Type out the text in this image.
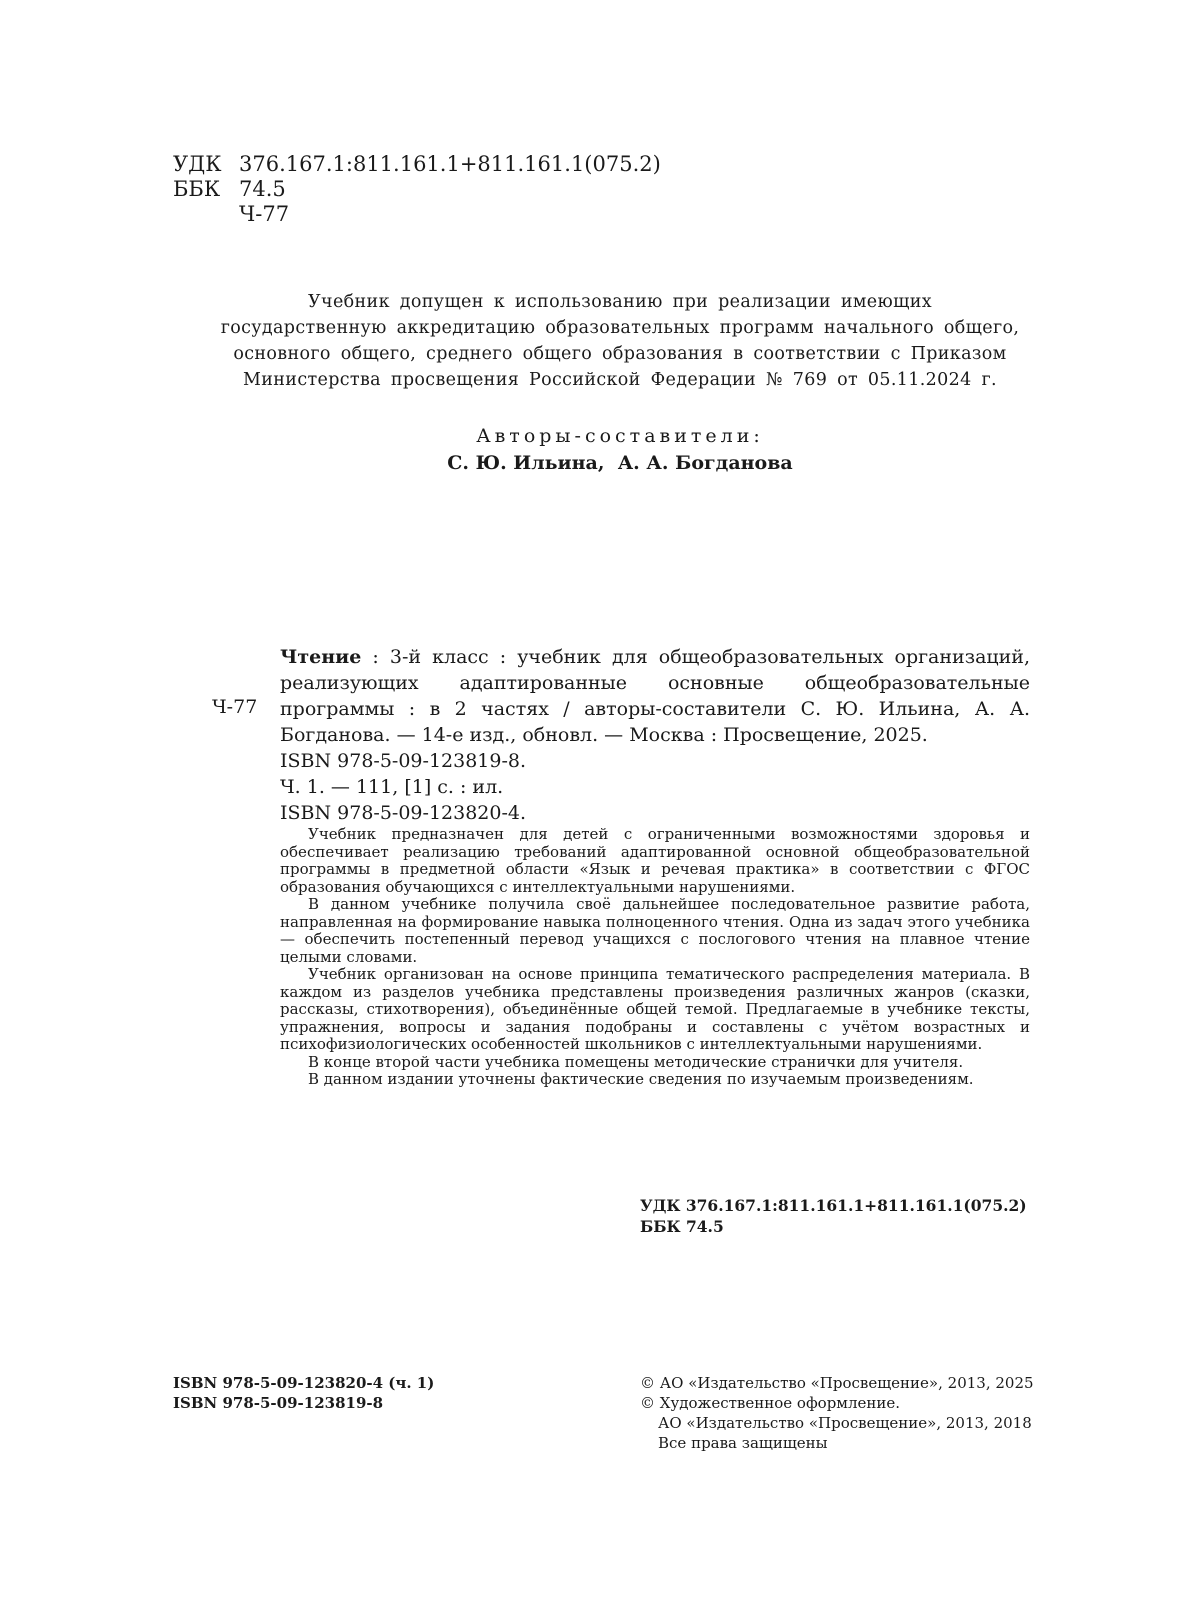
УДК 376.167.1:811.161.1+811.161.1(075.2)
ББК 74.5
Ч-77
Учебник допущен к использованию при реализации имеющих
государственную аккредитацию образовательных программ начального общего,
основного общего, среднего общего образования в соответствии с Приказом
Министерства просвещения Российской Федерации № 769 от 05.11.2024 г.
Авторы-составители:
С. Ю. Ильина,  А. А. Богданова
Ч-77

Чтение : 3-й класс : учебник для общеобразовательных организаций, реализующих адаптированные основные общеобразовательные программы : в 2 частях / авторы-составители С. Ю. Ильина, А. А. Богданова. — 14-е изд., обновл. — Москва : Просвещение, 2025.

ISBN 978-5-09-123819-8.
Ч. 1. — 111, [1] с. : ил.
ISBN 978-5-09-123820-4.

Учебник предназначен для детей с ограниченными возможностями здоровья и обеспечивает реализацию требований адаптированной основной общеобразовательной программы в предметной области «Язык и речевая практика» в соответствии с ФГОС образования обучающихся с интеллектуальными нарушениями.

В данном учебнике получила своё дальнейшее последовательное развитие работа, направленная на формирование навыка полноценного чтения. Одна из задач этого учебника — обеспечить постепенный перевод учащихся с послогового чтения на плавное чтение целыми словами.

Учебник организован на основе принципа тематического распределения материала. В каждом из разделов учебника представлены произведения различных жанров (сказки, рассказы, стихотворения), объединённые общей темой. Предлагаемые в учебнике тексты, упражнения, вопросы и задания подобраны и составлены с учётом возрастных и психофизиологических особенностей школьников с интеллектуальными нарушениями.

В конце второй части учебника помещены методические странички для учителя.

В данном издании уточнены фактические сведения по изучаемым произведениям.

УДК 376.167.1:811.161.1+811.161.1(075.2)
ББК 74.5
ISBN 978-5-09-123820-4 (ч. 1)
ISBN 978-5-09-123819-8
© АО «Издательство «Просвещение», 2013, 2025
© Художественное оформление.
АО «Издательство «Просвещение», 2013, 2018
Все права защищены
